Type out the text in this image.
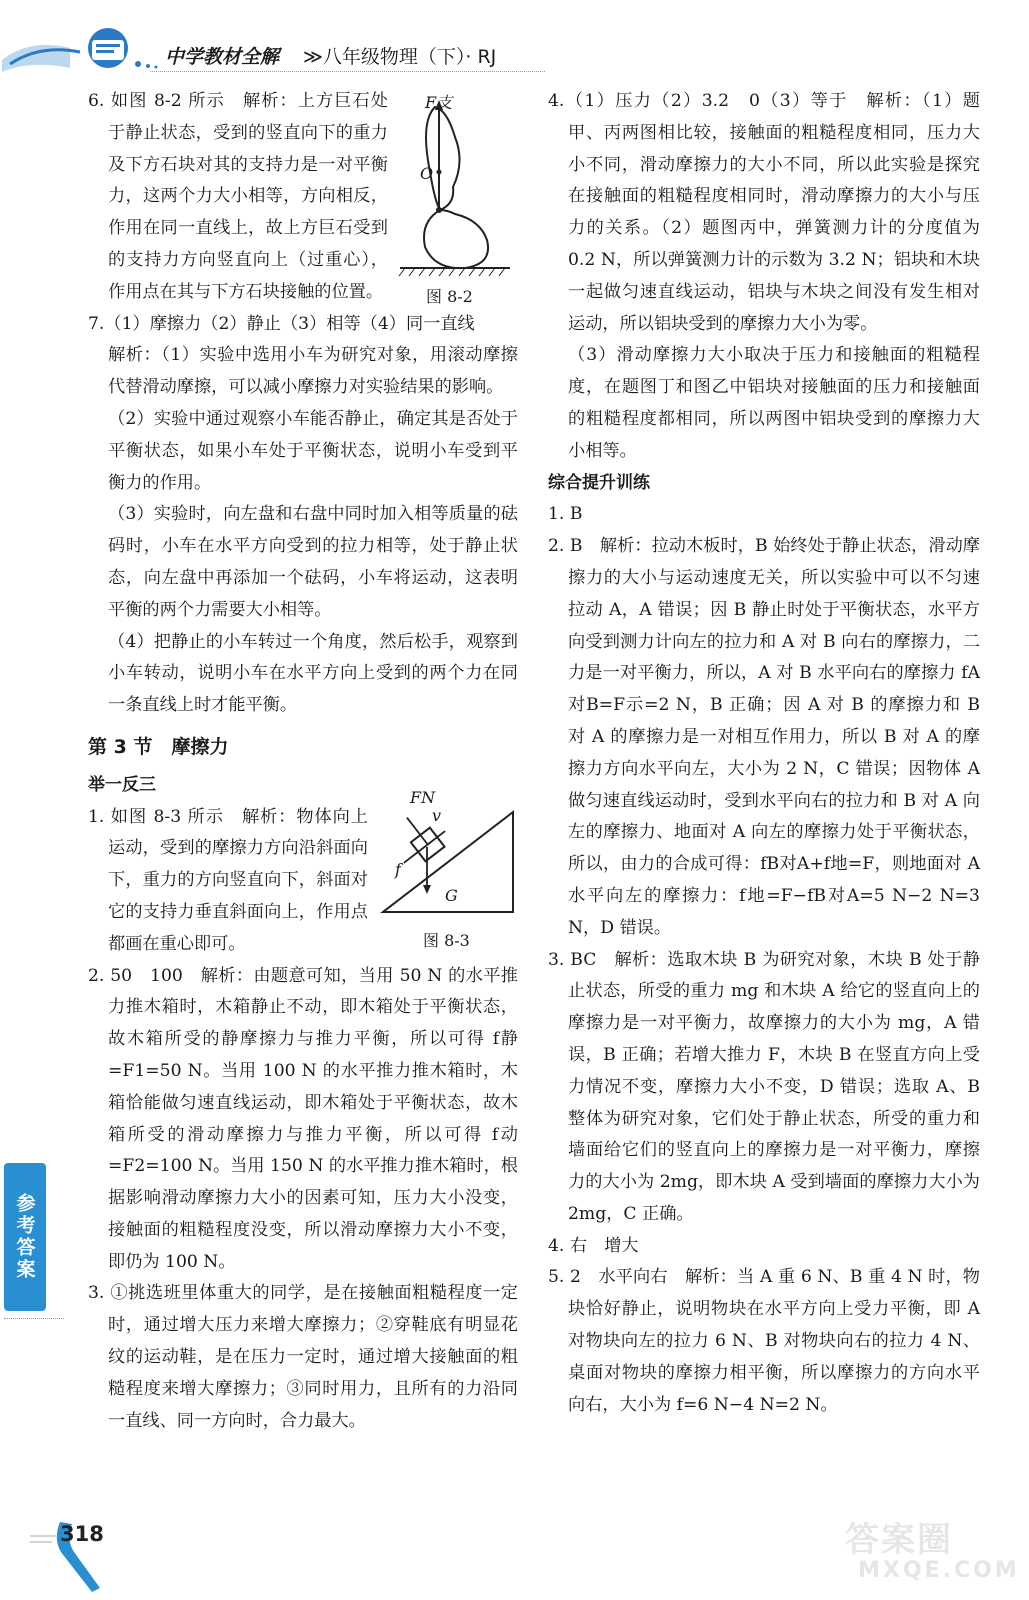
中学教材全解 ≫八年级物理（下）· RJ

6. 如图 8-2 所示　解析：上方巨石处于静止状态，受到的竖直向下的重力及下方石块对其的支持力是一对平衡力，这两个力大小相等，方向相反，作用在同一直线上，故上方巨石受到的支持力方向竖直向上（过重心），作用点在其与下方石块接触的位置。

7.（1）摩擦力（2）静止（3）相等（4）同一直线

解析：（1）实验中选用小车为研究对象，用滚动摩擦代替滑动摩擦，可以减小摩擦力对实验结果的影响。

（2）实验中通过观察小车能否静止，确定其是否处于平衡状态，如果小车处于平衡状态，说明小车受到平衡力的作用。

（3）实验时，向左盘和右盘中同时加入相等质量的砝码时，小车在水平方向受到的拉力相等，处于静止状态，向左盘中再添加一个砝码，小车将运动，这表明平衡的两个力需要大小相等。

（4）把静止的小车转过一个角度，然后松手，观察到小车转动，说明小车在水平方向上受到的两个力在同一条直线上时才能平衡。

第 3 节　摩擦力

举一反三

1. 如图 8-3 所示　解析：物体向上运动，受到的摩擦力方向沿斜面向下，重力的方向竖直向下，斜面对它的支持力垂直斜面向上，作用点都画在重心即可。

2. 50　100　解析：由题意可知，当用 50 N 的水平推力推木箱时，木箱静止不动，即木箱处于平衡状态，故木箱所受的静摩擦力与推力平衡，所以可得 f静=F1=50 N。当用 100 N 的水平推力推木箱时，木箱恰能做匀速直线运动，即木箱处于平衡状态，故木箱所受的滑动摩擦力与推力平衡，所以可得 f动=F2=100 N。当用 150 N 的水平推力推木箱时，根据影响滑动摩擦力大小的因素可知，压力大小没变，接触面的粗糙程度没变，所以滑动摩擦力大小不变，即仍为 100 N。

3. ①挑选班里体重大的同学，是在接触面粗糙程度一定时，通过增大压力来增大摩擦力；②穿鞋底有明显花纹的运动鞋，是在压力一定时，通过增大接触面的粗糙程度来增大摩擦力；③同时用力，且所有的力沿同一直线、同一方向时，合力最大。

F支
O
图 8-2
FN
v
f
G
图 8-3

4.（1）压力（2）3.2　0（3）等于　解析：（1）题甲、丙两图相比较，接触面的粗糙程度相同，压力大小不同，滑动摩擦力的大小不同，所以此实验是探究在接触面的粗糙程度相同时，滑动摩擦力的大小与压力的关系。（2）题图丙中，弹簧测力计的分度值为 0.2 N，所以弹簧测力计的示数为 3.2 N；铝块和木块一起做匀速直线运动，铝块与木块之间没有发生相对运动，所以铝块受到的摩擦力大小为零。

（3）滑动摩擦力大小取决于压力和接触面的粗糙程度，在题图丁和图乙中铝块对接触面的压力和接触面的粗糙程度都相同，所以两图中铝块受到的摩擦力大小相等。

综合提升训练

1. B

2. B　解析：拉动木板时，B 始终处于静止状态，滑动摩擦力的大小与运动速度无关，所以实验中可以不匀速拉动 A，A 错误；因 B 静止时处于平衡状态，水平方向受到测力计向左的拉力和 A 对 B 向右的摩擦力，二力是一对平衡力，所以，A 对 B 水平向右的摩擦力 fA对B=F示=2 N，B 正确；因 A 对 B 的摩擦力和 B 对 A 的摩擦力是一对相互作用力，所以 B 对 A 的摩擦力方向水平向左，大小为 2 N，C 错误；因物体 A 做匀速直线运动时，受到水平向右的拉力和 B 对 A 向左的摩擦力、地面对 A 向左的摩擦力处于平衡状态，所以，由力的合成可得：fB对A+f地=F，则地面对 A 水平向左的摩擦力：f地=F−fB对A=5 N−2 N=3 N，D 错误。

3. BC　解析：选取木块 B 为研究对象，木块 B 处于静止状态，所受的重力 mg 和木块 A 给它的竖直向上的摩擦力是一对平衡力，故摩擦力的大小为 mg，A 错误，B 正确；若增大推力 F，木块 B 在竖直方向上受力情况不变，摩擦力大小不变，D 错误；选取 A、B 整体为研究对象，它们处于静止状态，所受的重力和墙面给它们的竖直向上的摩擦力是一对平衡力，摩擦力的大小为 2mg，即木块 A 受到墙面的摩擦力大小为 2mg，C 正确。

4. 右　增大

5. 2　水平向右　解析：当 A 重 6 N、B 重 4 N 时，物块恰好静止，说明物块在水平方向上受力平衡，即 A 对物块向左的拉力 6 N、B 对物块向右的拉力 4 N、桌面对物块的摩擦力相平衡，所以摩擦力的方向水平向右，大小为 f=6 N−4 N=2 N。

参考答案
318	答案圈
MXQE.COM
